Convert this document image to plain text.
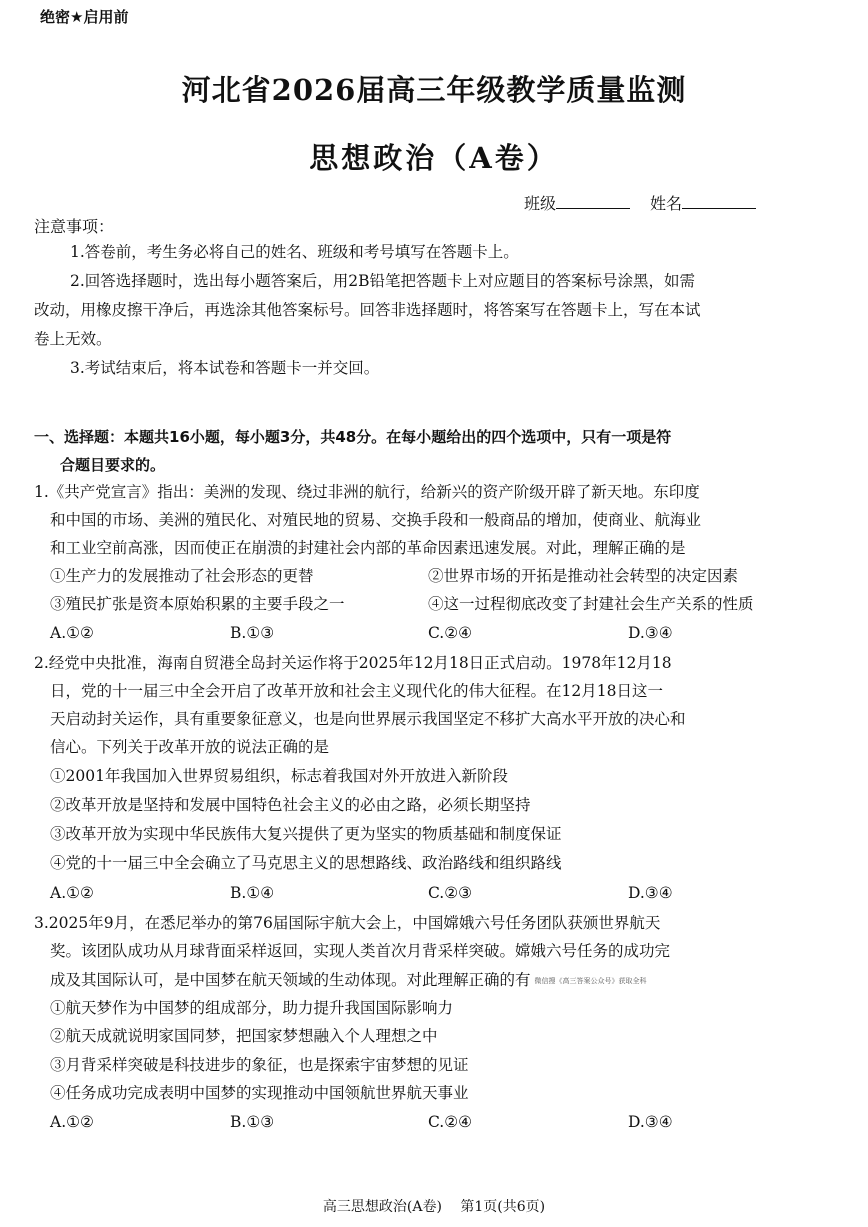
绝密★启用前
河北省2026届高三年级教学质量监测
思想政治（A卷）
班级	姓名
注意事项：
1.答卷前，考生务必将自己的姓名、班级和考号填写在答题卡上。
2.回答选择题时，选出每小题答案后，用2B铅笔把答题卡上对应题目的答案标号涂黑，如需
改动，用橡皮擦干净后，再选涂其他答案标号。回答非选择题时，将答案写在答题卡上，写在本试
卷上无效。
3.考试结束后，将本试卷和答题卡一并交回。
一、选择题：本题共16小题，每小题3分，共48分。在每小题给出的四个选项中，只有一项是符
合题目要求的。
1.《共产党宣言》指出：美洲的发现、绕过非洲的航行，给新兴的资产阶级开辟了新天地。东印度
和中国的市场、美洲的殖民化、对殖民地的贸易、交换手段和一般商品的增加，使商业、航海业
和工业空前高涨，因而使正在崩溃的封建社会内部的革命因素迅速发展。对此，理解正确的是
①生产力的发展推动了社会形态的更替	②世界市场的开拓是推动社会转型的决定因素
③殖民扩张是资本原始积累的主要手段之一	④这一过程彻底改变了封建社会生产关系的性质
A.①②	B.①③	C.②④	D.③④
2.经党中央批准，海南自贸港全岛封关运作将于2025年12月18日正式启动。1978年12月18
日，党的十一届三中全会开启了改革开放和社会主义现代化的伟大征程。在12月18日这一
天启动封关运作，具有重要象征意义，也是向世界展示我国坚定不移扩大高水平开放的决心和
信心。下列关于改革开放的说法正确的是
①2001年我国加入世界贸易组织，标志着我国对外开放进入新阶段
②改革开放是坚持和发展中国特色社会主义的必由之路，必须长期坚持
③改革开放为实现中华民族伟大复兴提供了更为坚实的物质基础和制度保证
④党的十一届三中全会确立了马克思主义的思想路线、政治路线和组织路线
A.①②	B.①④	C.②③	D.③④
3.2025年9月，在悉尼举办的第76届国际宇航大会上，中国嫦娥六号任务团队获颁世界航天
奖。该团队成功从月球背面采样返回，实现人类首次月背采样突破。嫦娥六号任务的成功完
成及其国际认可，是中国梦在航天领域的生动体现。对此理解正确的有 微信搜《高三答案公众号》获取全科
①航天梦作为中国梦的组成部分，助力提升我国国际影响力
②航天成就说明家国同梦，把国家梦想融入个人理想之中
③月背采样突破是科技进步的象征，也是探索宇宙梦想的见证
④任务成功完成表明中国梦的实现推动中国领航世界航天事业
A.①②	B.①③	C.②④	D.③④
高三思想政治(A卷)　 第1页(共6页)
